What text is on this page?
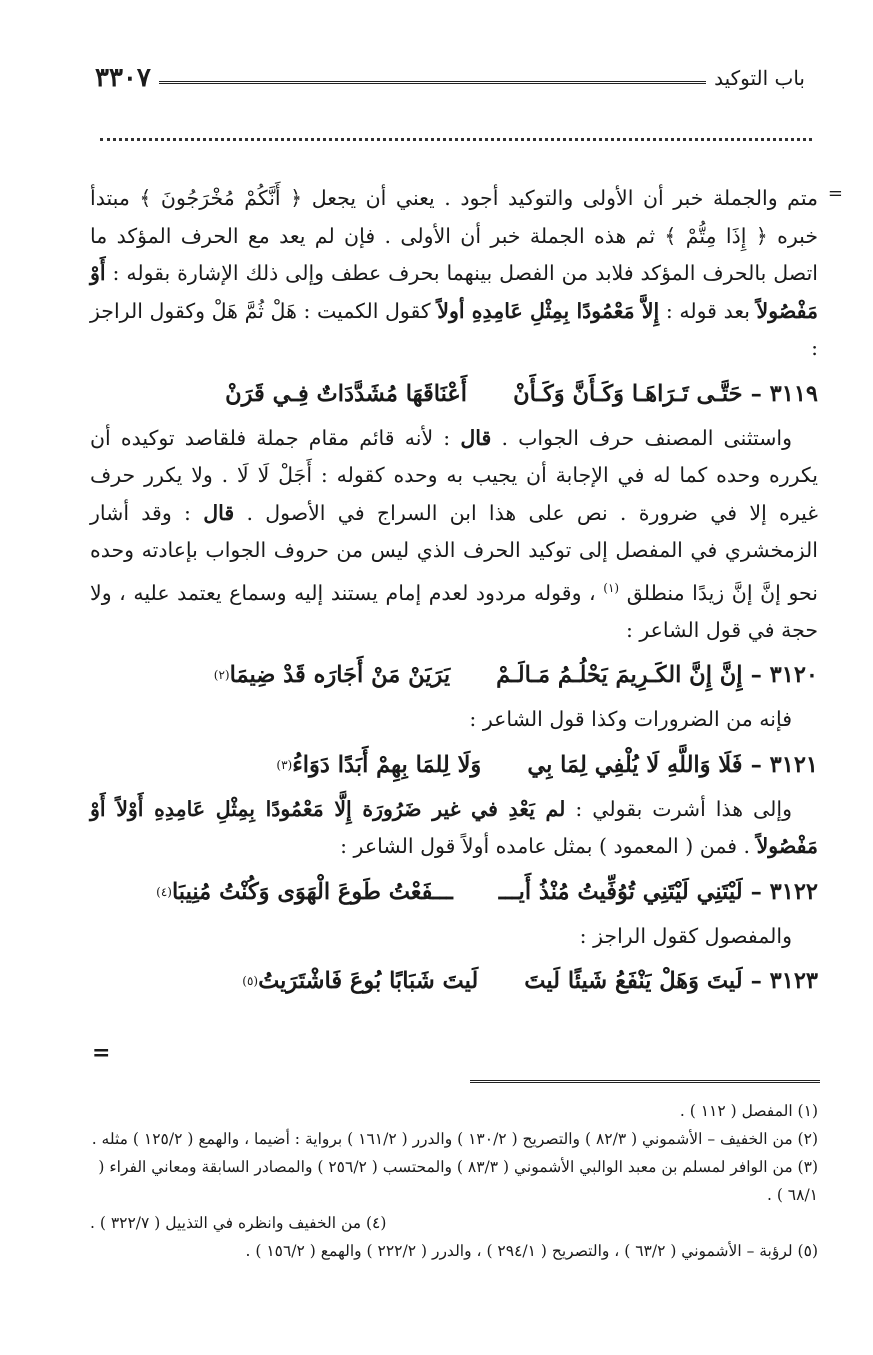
باب التوكيد
٣٣٠٧
=

متم والجملة خبر أن الأولى والتوكيد أجود . يعني أن يجعل ﴿ أَنَّكُمْ مُخْرَجُونَ ﴾ مبتدأ خبره ﴿ إِذَا مِتُّمْ ﴾ ثم هذه الجملة خبر أن الأولى . فإن لم يعد مع الحرف المؤكد ما اتصل بالحرف المؤكد فلابد من الفصل بينهما بحرف عطف وإلى ذلك الإشارة بقوله : أَوْ مَفْصُولاً بعد قوله : إِلاَّ مَعْمُودًا بِمِثْلِ عَامِدِهِ أولاً كقول الكميت : هَلْ ثُمَّ هَلْ وكقول الراجز :

٣١١٩ –
حَتَّـى تَـرَاهَـا وَكَـأَنَّ وَكَـأَنْ
أَعْنَاقَهَا مُشَدَّدَاتٌ فِـي قَرَنْ

واستثنى المصنف حرف الجواب . قال : لأنه قائم مقام جملة فلقاصد توكيده أن يكرره وحده كما له في الإجابة أن يجيب به وحده كقوله : أَجَلْ لَا لَا . ولا يكرر حرف غيره إلا في ضرورة . نص على هذا ابن السراج في الأصول . قال : وقد أشار الزمخشري في المفصل إلى توكيد الحرف الذي ليس من حروف الجواب بإعادته وحده نحو إنَّ إنَّ زيدًا منطلق $^{(١)}$ ، وقوله مردود لعدم إمام يستند إليه وسماع يعتمد عليه ، ولا حجة في قول الشاعر :

٣١٢٠ –
إِنَّ إِنَّ الكَـرِيمَ يَحْلُـمُ مَـالَـمْ
يَرَيَنْ مَنْ أَجَارَه قَدْ ضِيمَا
(٢)

فإنه من الضرورات وكذا قول الشاعر :

٣١٢١ –
فَلَا وَاللَّهِ لَا يُلْفِي لِمَا بِي
وَلَا لِلمَا بِهِمْ أَبَدًا دَوَاءُ
(٣)

وإلى هذا أشرت بقولي : لم يَعْدِ في غير ضَرُورَة إِلَّا مَعْمُودًا بِمِثْلِ عَامِدِهِ أَوْلاً أَوْ مَفْصُولاً . فمن ( المعمود ) بمثل عامده أولاً قول الشاعر :

٣١٢٢ –
لَيْتَنِي لَيْتَنِي تُوُفِّيتُ مُنْذُ أَيـــ
ـــفَعْتُ طَوعَ الْهَوَى وَكُنْتُ مُنِيبَا
(٤)

والمفصول كقول الراجز :

٣١٢٣ –
لَيتَ وَهَلْ يَنْفَعُ شَيئًا لَيتَ
لَيتَ شَبَابًا بُوعَ فَاشْتَرَيتُ
(٥)
=

(١) المفصل ( ١١٢ ) .

(٢) من الخفيف – الأشموني ( ٨٢/٣ ) والتصريح ( ١٣٠/٢ ) والدرر ( ١٦١/٢ ) برواية : أضيما ، والهمع ( ١٢٥/٢ ) مثله .

(٣) من الوافر لمسلم بن معبد الوالبي الأشموني ( ٨٣/٣ ) والمحتسب ( ٢٥٦/٢ ) والمصادر السابقة ومعاني الفراء ( ٦٨/١ ) .

(٤) من الخفيف وانظره في التذييل ( ٣٢٢/٧ ) .

(٥) لرؤبة – الأشموني ( ٦٣/٢ ) ، والتصريح ( ٢٩٤/١ ) ، والدرر ( ٢٢٢/٢ ) والهمع ( ١٥٦/٢ ) .
